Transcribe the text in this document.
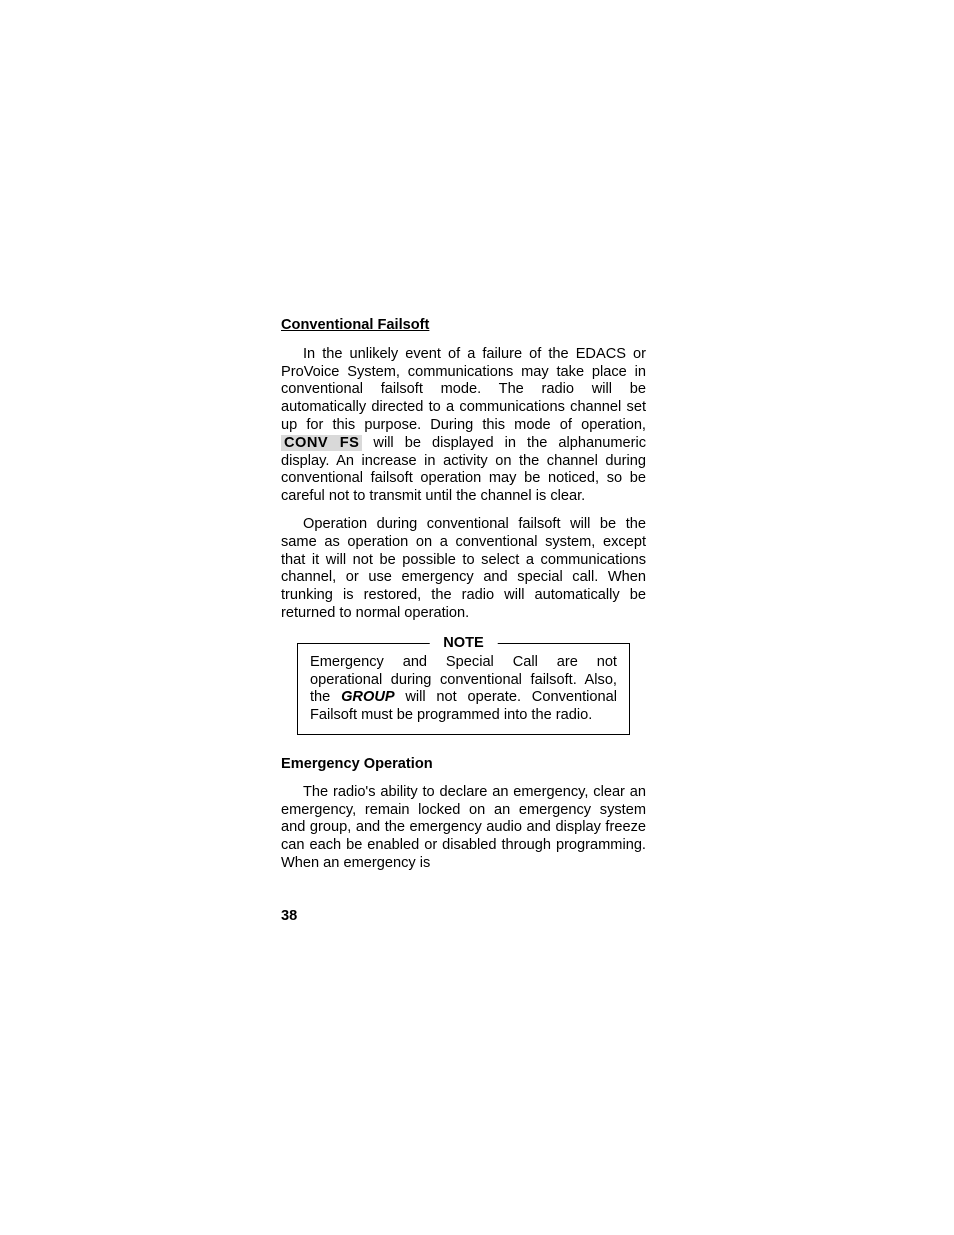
Conventional Failsoft

In the unlikely event of a failure of the EDACS or ProVoice System, communications may take place in conventional failsoft mode. The radio will be automatically directed to a communications channel set up for this purpose. During this mode of operation, CONV FS will be displayed in the alphanumeric display. An increase in activity on the channel during conventional failsoft operation may be noticed, so be careful not to transmit until the channel is clear.

Operation during conventional failsoft will be the same as operation on a conventional system, except that it will not be possible to select a communications channel, or use emergency and special call. When trunking is restored, the radio will automatically be returned to normal operation.

NOTE

Emergency and Special Call are not operational during conventional failsoft. Also, the GROUP will not operate. Conventional Failsoft must be programmed into the radio.

Emergency Operation

The radio's ability to declare an emergency, clear an emergency, remain locked on an emergency system and group, and the emergency audio and display freeze can each be enabled or disabled through programming. When an emergency is

38
